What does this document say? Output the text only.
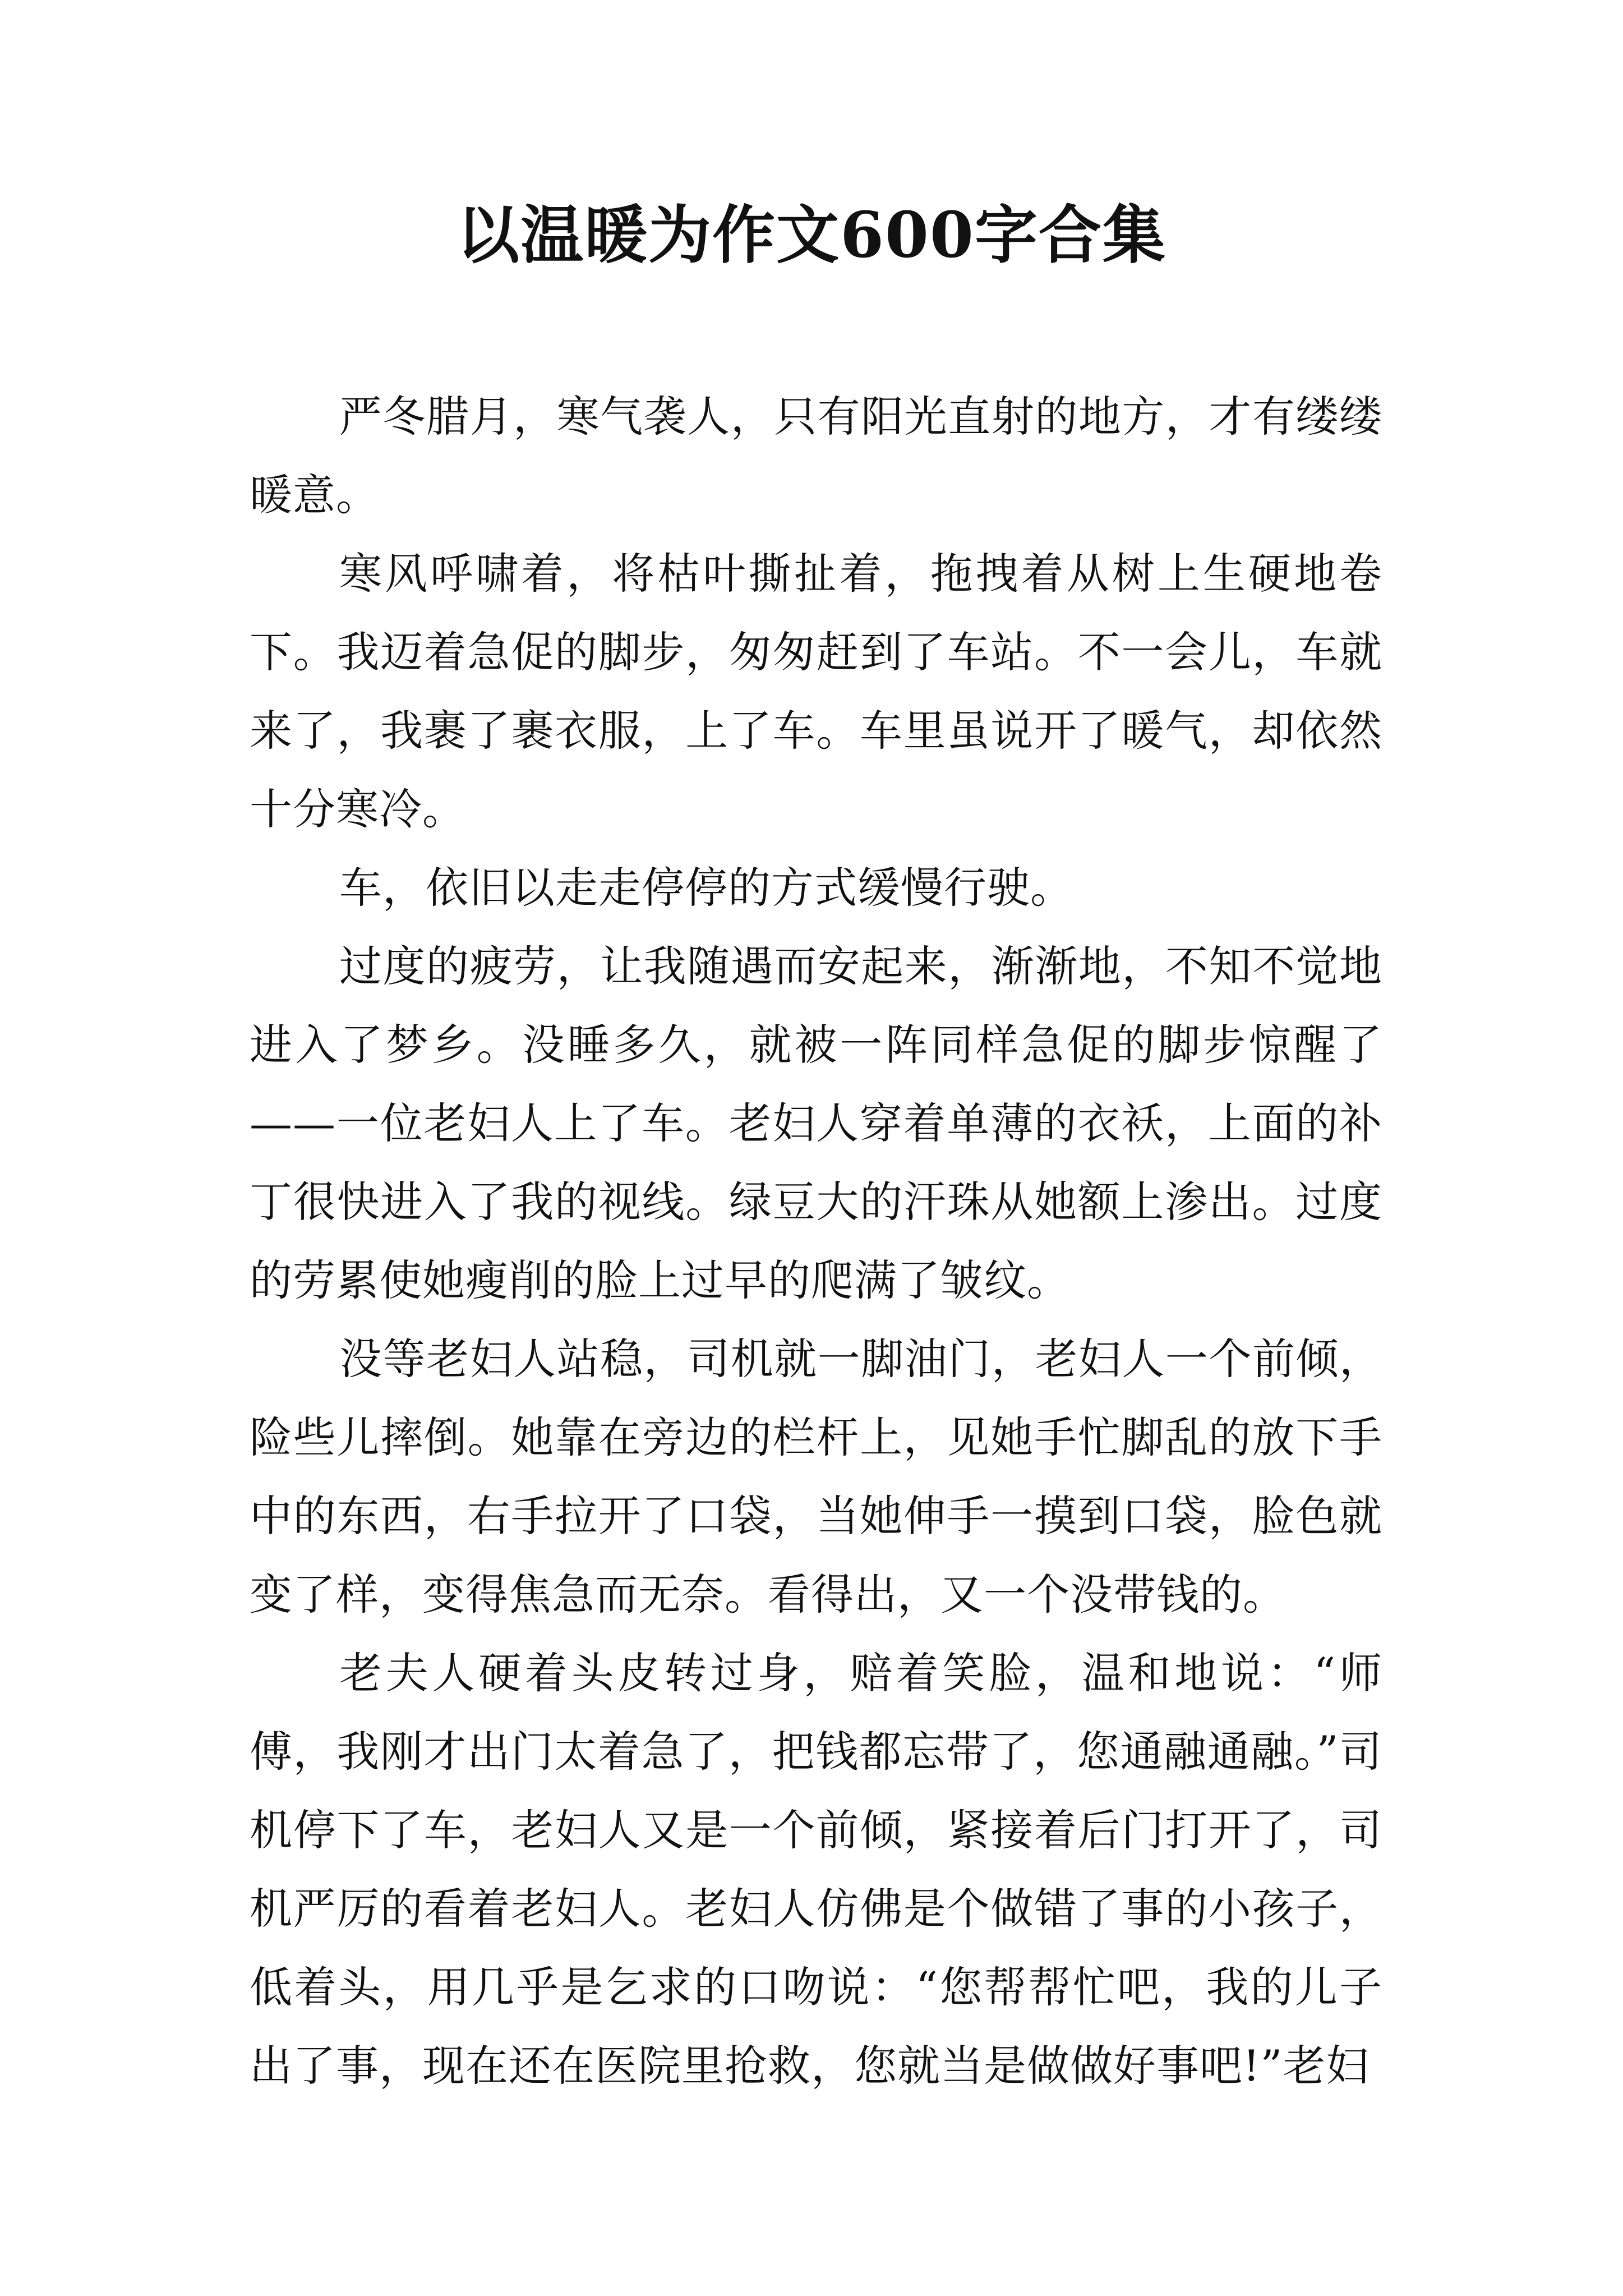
以温暖为作文600字合集

严冬腊月，寒气袭人，只有阳光直射的地方，才有缕缕暖意。

寒风呼啸着，将枯叶撕扯着，拖拽着从树上生硬地卷下。我迈着急促的脚步，匆匆赶到了车站。不一会儿，车就来了，我裹了裹衣服，上了车。车里虽说开了暖气，却依然十分寒冷。

车，依旧以走走停停的方式缓慢行驶。

过度的疲劳，让我随遇而安起来，渐渐地，不知不觉地进入了梦乡。没睡多久，就被一阵同样急促的脚步惊醒了——一位老妇人上了车。老妇人穿着单薄的衣袄，上面的补丁很快进入了我的视线。绿豆大的汗珠从她额上渗出。过度的劳累使她瘦削的脸上过早的爬满了皱纹。

没等老妇人站稳，司机就一脚油门，老妇人一个前倾，险些儿摔倒。她靠在旁边的栏杆上，见她手忙脚乱的放下手中的东西，右手拉开了口袋，当她伸手一摸到口袋，脸色就变了样，变得焦急而无奈。看得出，又一个没带钱的。

老夫人硬着头皮转过身，赔着笑脸，温和地说：“师傅，我刚才出门太着急了，把钱都忘带了，您通融通融。”司机停下了车，老妇人又是一个前倾，紧接着后门打开了，司机严厉的看着老妇人。老妇人仿佛是个做错了事的小孩子，低着头，用几乎是乞求的口吻说：“您帮帮忙吧，我的儿子出了事，现在还在医院里抢救，您就当是做做好事吧!”老妇
